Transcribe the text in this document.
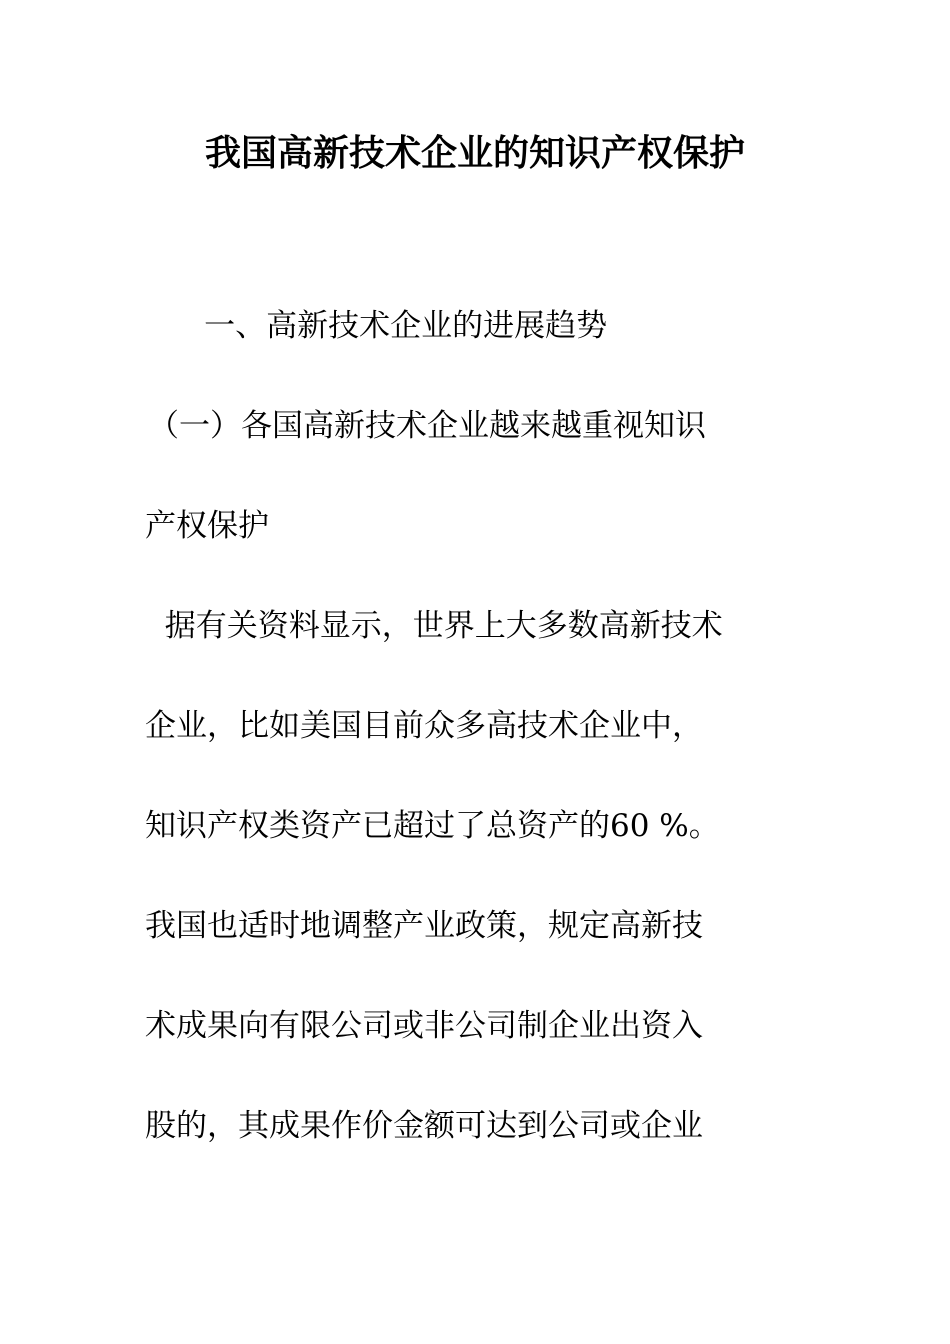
我国高新技术企业的知识产权保护
一、高新技术企业的进展趋势
（一）各国高新技术企业越来越重视知识
产权保护
据有关资料显示，世界上大多数高新技术
企业，比如美国目前众多高技术企业中，
知识产权类资产已超过了总资产的60 %。
我国也适时地调整产业政策，规定高新技
术成果向有限公司或非公司制企业出资入
股的，其成果作价金额可达到公司或企业
